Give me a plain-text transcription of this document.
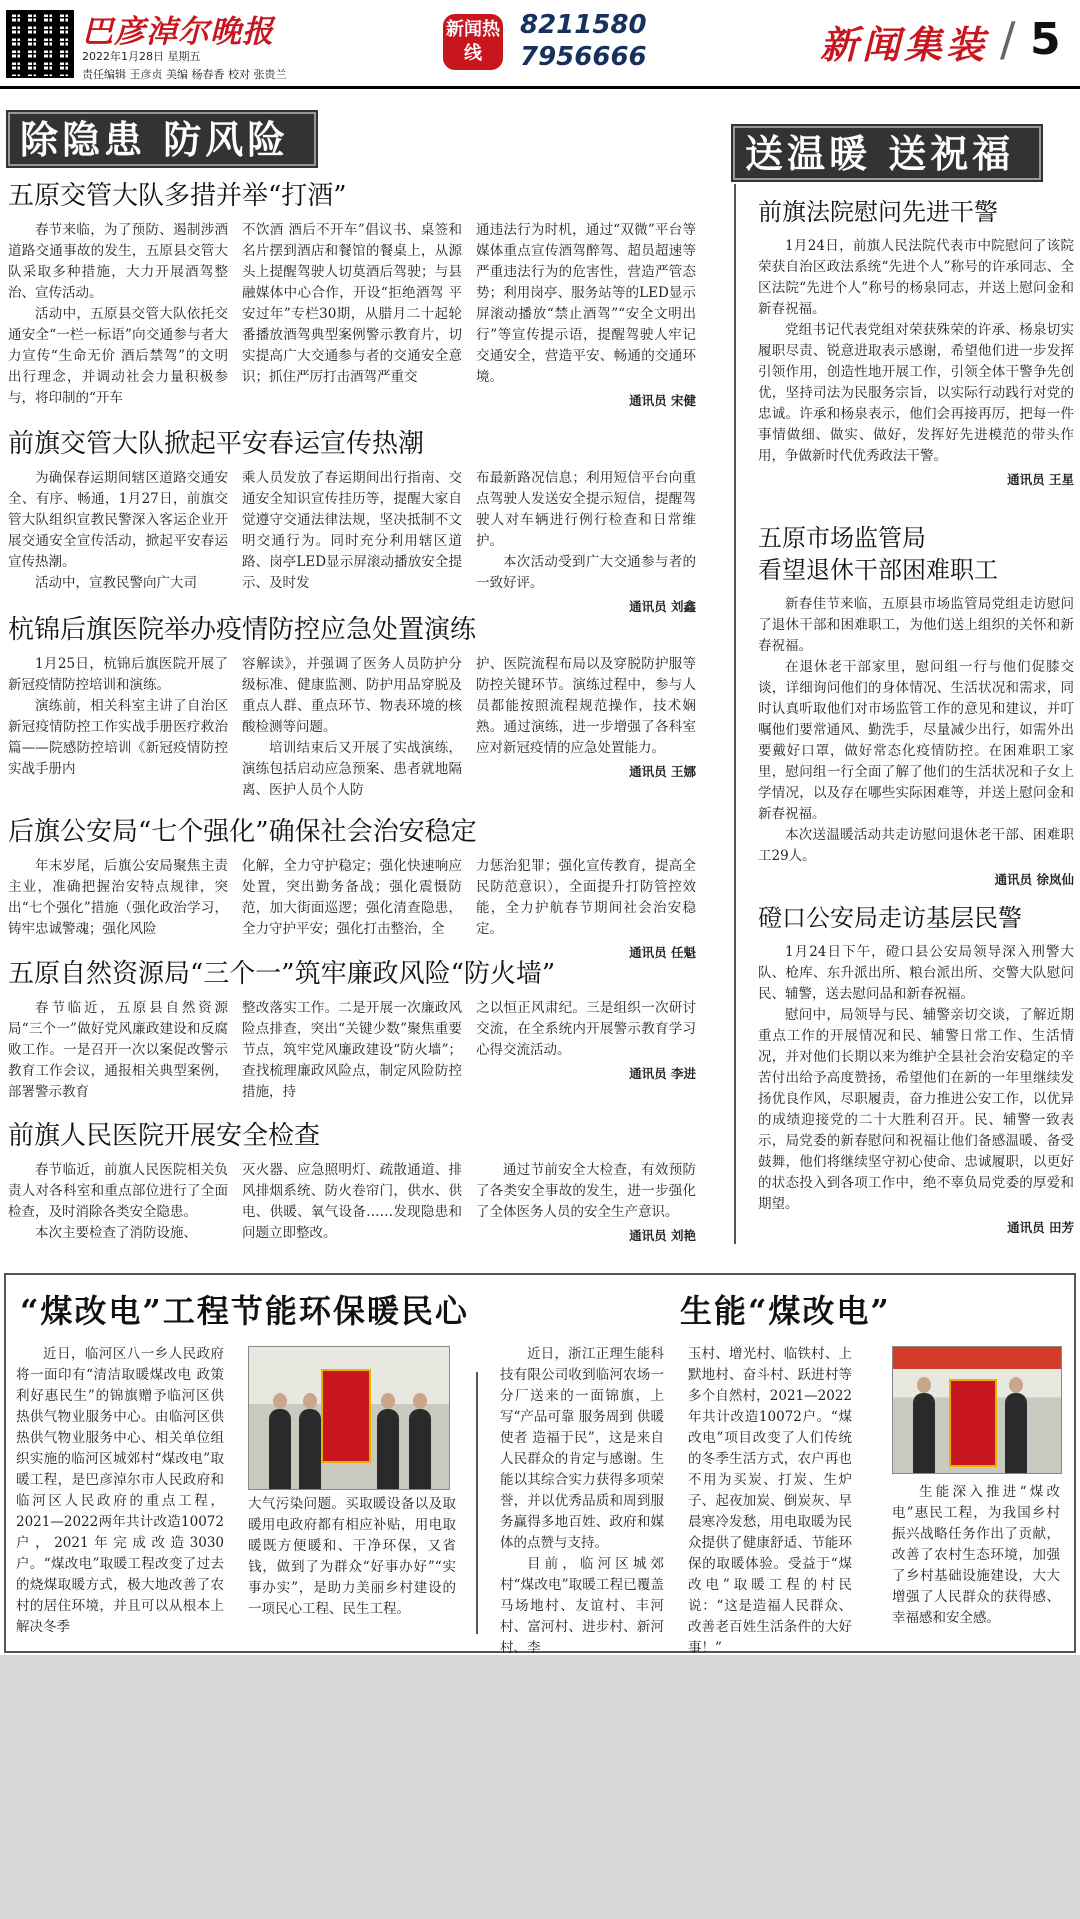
巴彦淖尔晚报
2022年1月28日 星期五
责任编辑 王彦贞 美编 杨春香 校对 张贵兰
新闻热线
8211580
7956666	新闻集装 / 5
除隐患 防风险	送温暖 送祝福
五原交管大队多措并举“打酒”

春节来临，为了预防、遏制涉酒道路交通事故的发生，五原县交管大队采取多种措施，大力开展酒驾整治、宣传活动。

活动中，五原县交管大队依托交通安全“一栏一标语”向交通参与者大力宣传“生命无价 酒后禁驾”的文明出行理念，并调动社会力量积极参与，将印制的“开车

不饮酒 酒后不开车”倡议书、桌签和名片摆到酒店和餐馆的餐桌上，从源头上提醒驾驶人切莫酒后驾驶；与县融媒体中心合作，开设“拒绝酒驾 平安过年”专栏30期，从腊月二十起轮番播放酒驾典型案例警示教育片，切实提高广大交通参与者的交通安全意识；抓住严厉打击酒驾严重交

通违法行为时机，通过“双微”平台等媒体重点宣传酒驾醉驾、超员超速等严重违法行为的危害性，营造严管态势；利用岗亭、服务站等的LED显示屏滚动播放“禁止酒驾”“安全文明出行”等宣传提示语，提醒驾驶人牢记交通安全，营造平安、畅通的交通环境。

通讯员 宋健
前旗交管大队掀起平安春运宣传热潮

为确保春运期间辖区道路交通安全、有序、畅通，1月27日，前旗交管大队组织宣教民警深入客运企业开展交通安全宣传活动，掀起平安春运宣传热潮。

活动中，宣教民警向广大司

乘人员发放了春运期间出行指南、交通安全知识宣传挂历等，提醒大家自觉遵守交通法律法规，坚决抵制不文明交通行为。同时充分利用辖区道路、岗亭LED显示屏滚动播放安全提示、及时发

布最新路况信息；利用短信平台向重点驾驶人发送安全提示短信，提醒驾驶人对车辆进行例行检查和日常维护。

本次活动受到广大交通参与者的一致好评。

通讯员 刘鑫
杭锦后旗医院举办疫情防控应急处置演练

1月25日，杭锦后旗医院开展了新冠疫情防控培训和演练。

演练前，相关科室主讲了自治区新冠疫情防控工作实战手册医疗救治篇——院感防控培训《新冠疫情防控实战手册内

容解读》，并强调了医务人员防护分级标准、健康监测、防护用品穿脱及重点人群、重点环节、物表环境的核酸检测等问题。

培训结束后又开展了实战演练，演练包括启动应急预案、患者就地隔离、医护人员个人防

护、医院流程布局以及穿脱防护服等防控关键环节。演练过程中，参与人员都能按照流程规范操作，技术娴熟。通过演练，进一步增强了各科室应对新冠疫情的应急处置能力。

通讯员 王娜
后旗公安局“七个强化”确保社会治安稳定

年末岁尾，后旗公安局聚焦主责主业，准确把握治安特点规律，突出“七个强化”措施（强化政治学习，铸牢忠诚警魂；强化风险

化解，全力守护稳定；强化快速响应处置，突出勤务备战；强化震慑防范，加大街面巡逻；强化清查隐患，全力守护平安；强化打击整治，全

力惩治犯罪；强化宣传教育，提高全民防范意识），全面提升打防管控效能，全力护航春节期间社会治安稳定。

通讯员 任魁
五原自然资源局“三个一”筑牢廉政风险“防火墙”

春节临近，五原县自然资源局“三个一”做好党风廉政建设和反腐败工作。一是召开一次以案促改警示教育工作会议，通报相关典型案例，部署警示教育

整改落实工作。二是开展一次廉政风险点排查，突出“关键少数”聚焦重要节点，筑牢党风廉政建设“防火墙”；查找梳理廉政风险点，制定风险防控措施，持

之以恒正风肃纪。三是组织一次研讨交流，在全系统内开展警示教育学习心得交流活动。

通讯员 李进
前旗人民医院开展安全检查

春节临近，前旗人民医院相关负责人对各科室和重点部位进行了全面检查，及时消除各类安全隐患。

本次主要检查了消防设施、

灭火器、应急照明灯、疏散通道、排风排烟系统、防火卷帘门，供水、供电、供暖、氧气设备……发现隐患和问题立即整改。

通过节前安全大检查，有效预防了各类安全事故的发生，进一步强化了全体医务人员的安全生产意识。

通讯员 刘艳
前旗法院慰问先进干警

1月24日，前旗人民法院代表市中院慰问了该院荣获自治区政法系统“先进个人”称号的许承同志、全区法院“先进个人”称号的杨泉同志，并送上慰问金和新春祝福。

党组书记代表党组对荣获殊荣的许承、杨泉切实履职尽责、锐意进取表示感谢，希望他们进一步发挥引领作用，创造性地开展工作，引领全体干警争先创优，坚持司法为民服务宗旨，以实际行动践行对党的忠诚。许承和杨泉表示，他们会再接再厉，把每一件事情做细、做实、做好，发挥好先进模范的带头作用，争做新时代优秀政法干警。

通讯员 王星
五原市场监管局
看望退休干部困难职工

新春佳节来临，五原县市场监管局党组走访慰问了退休干部和困难职工，为他们送上组织的关怀和新春祝福。

在退休老干部家里，慰问组一行与他们促膝交谈，详细询问他们的身体情况、生活状况和需求，同时认真听取他们对市场监管工作的意见和建议，并叮嘱他们要常通风、勤洗手，尽量减少出行，如需外出要戴好口罩，做好常态化疫情防控。在困难职工家里，慰问组一行全面了解了他们的生活状况和子女上学情况，以及存在哪些实际困难等，并送上慰问金和新春祝福。

本次送温暖活动共走访慰问退休老干部、困难职工29人。

通讯员 徐岚仙
磴口公安局走访基层民警

1月24日下午，磴口县公安局领导深入刑警大队、枪库、东升派出所、粮台派出所、交警大队慰问民、辅警，送去慰问品和新春祝福。

慰问中，局领导与民、辅警亲切交谈，了解近期重点工作的开展情况和民、辅警日常工作、生活情况，并对他们长期以来为维护全县社会治安稳定的辛苦付出给予高度赞扬，希望他们在新的一年里继续发扬优良作风，尽职履责，奋力推进公安工作，以优异的成绩迎接党的二十大胜利召开。民、辅警一致表示，局党委的新春慰问和祝福让他们备感温暖、备受鼓舞，他们将继续坚守初心使命、忠诚履职，以更好的状态投入到各项工作中，绝不辜负局党委的厚爱和期望。

通讯员 田芳
“煤改电”工程节能环保暖民心	生能“煤改电”

近日，临河区八一乡人民政府将一面印有“清洁取暖煤改电 政策利好惠民生”的锦旗赠予临河区供热供气物业服务中心。由临河区供热供气物业服务中心、相关单位组织实施的临河区城郊村“煤改电”取暖工程，是巴彦淖尔市人民政府和临河区人民政府的重点工程，2021—2022两年共计改造10072户，2021年完成改造3030户。“煤改电”取暖工程改变了过去的烧煤取暖方式，极大地改善了农村的居住环境，并且可以从根本上解决冬季

大气污染问题。买取暖设备以及取暖用电政府都有相应补贴，用电取暖既方便暖和、干净环保，又省钱，做到了为群众“好事办好”“实事办实”，是助力美丽乡村建设的一项民心工程、民生工程。

近日，浙江正理生能科技有限公司收到临河农场一分厂送来的一面锦旗，上写“产品可靠 服务周到 供暖使者 造福于民”，这是来自人民群众的肯定与感谢。生能以其综合实力获得多项荣誉，并以优秀品质和周到服务赢得多地百姓、政府和媒体的点赞与支持。

目前，临河区城郊村“煤改电”取暖工程已覆盖马场地村、友谊村、丰河村、富河村、进步村、新河村、李

玉村、增光村、临铁村、上默地村、奋斗村、跃进村等多个自然村，2021—2022年共计改造10072户。“煤改电”项目改变了人们传统的冬季生活方式，农户再也不用为买炭、打炭、生炉子、起夜加炭、倒炭灰、早晨寒冷发愁，用电取暖为民众提供了健康舒适、节能环保的取暖体验。受益于“煤改电”取暖工程的村民说：“这是造福人民群众、改善老百姓生活条件的大好事！”

生能深入推进“煤改电”惠民工程，为我国乡村振兴战略任务作出了贡献，改善了农村生态环境，加强了乡村基础设施建设，大大增强了人民群众的获得感、幸福感和安全感。
